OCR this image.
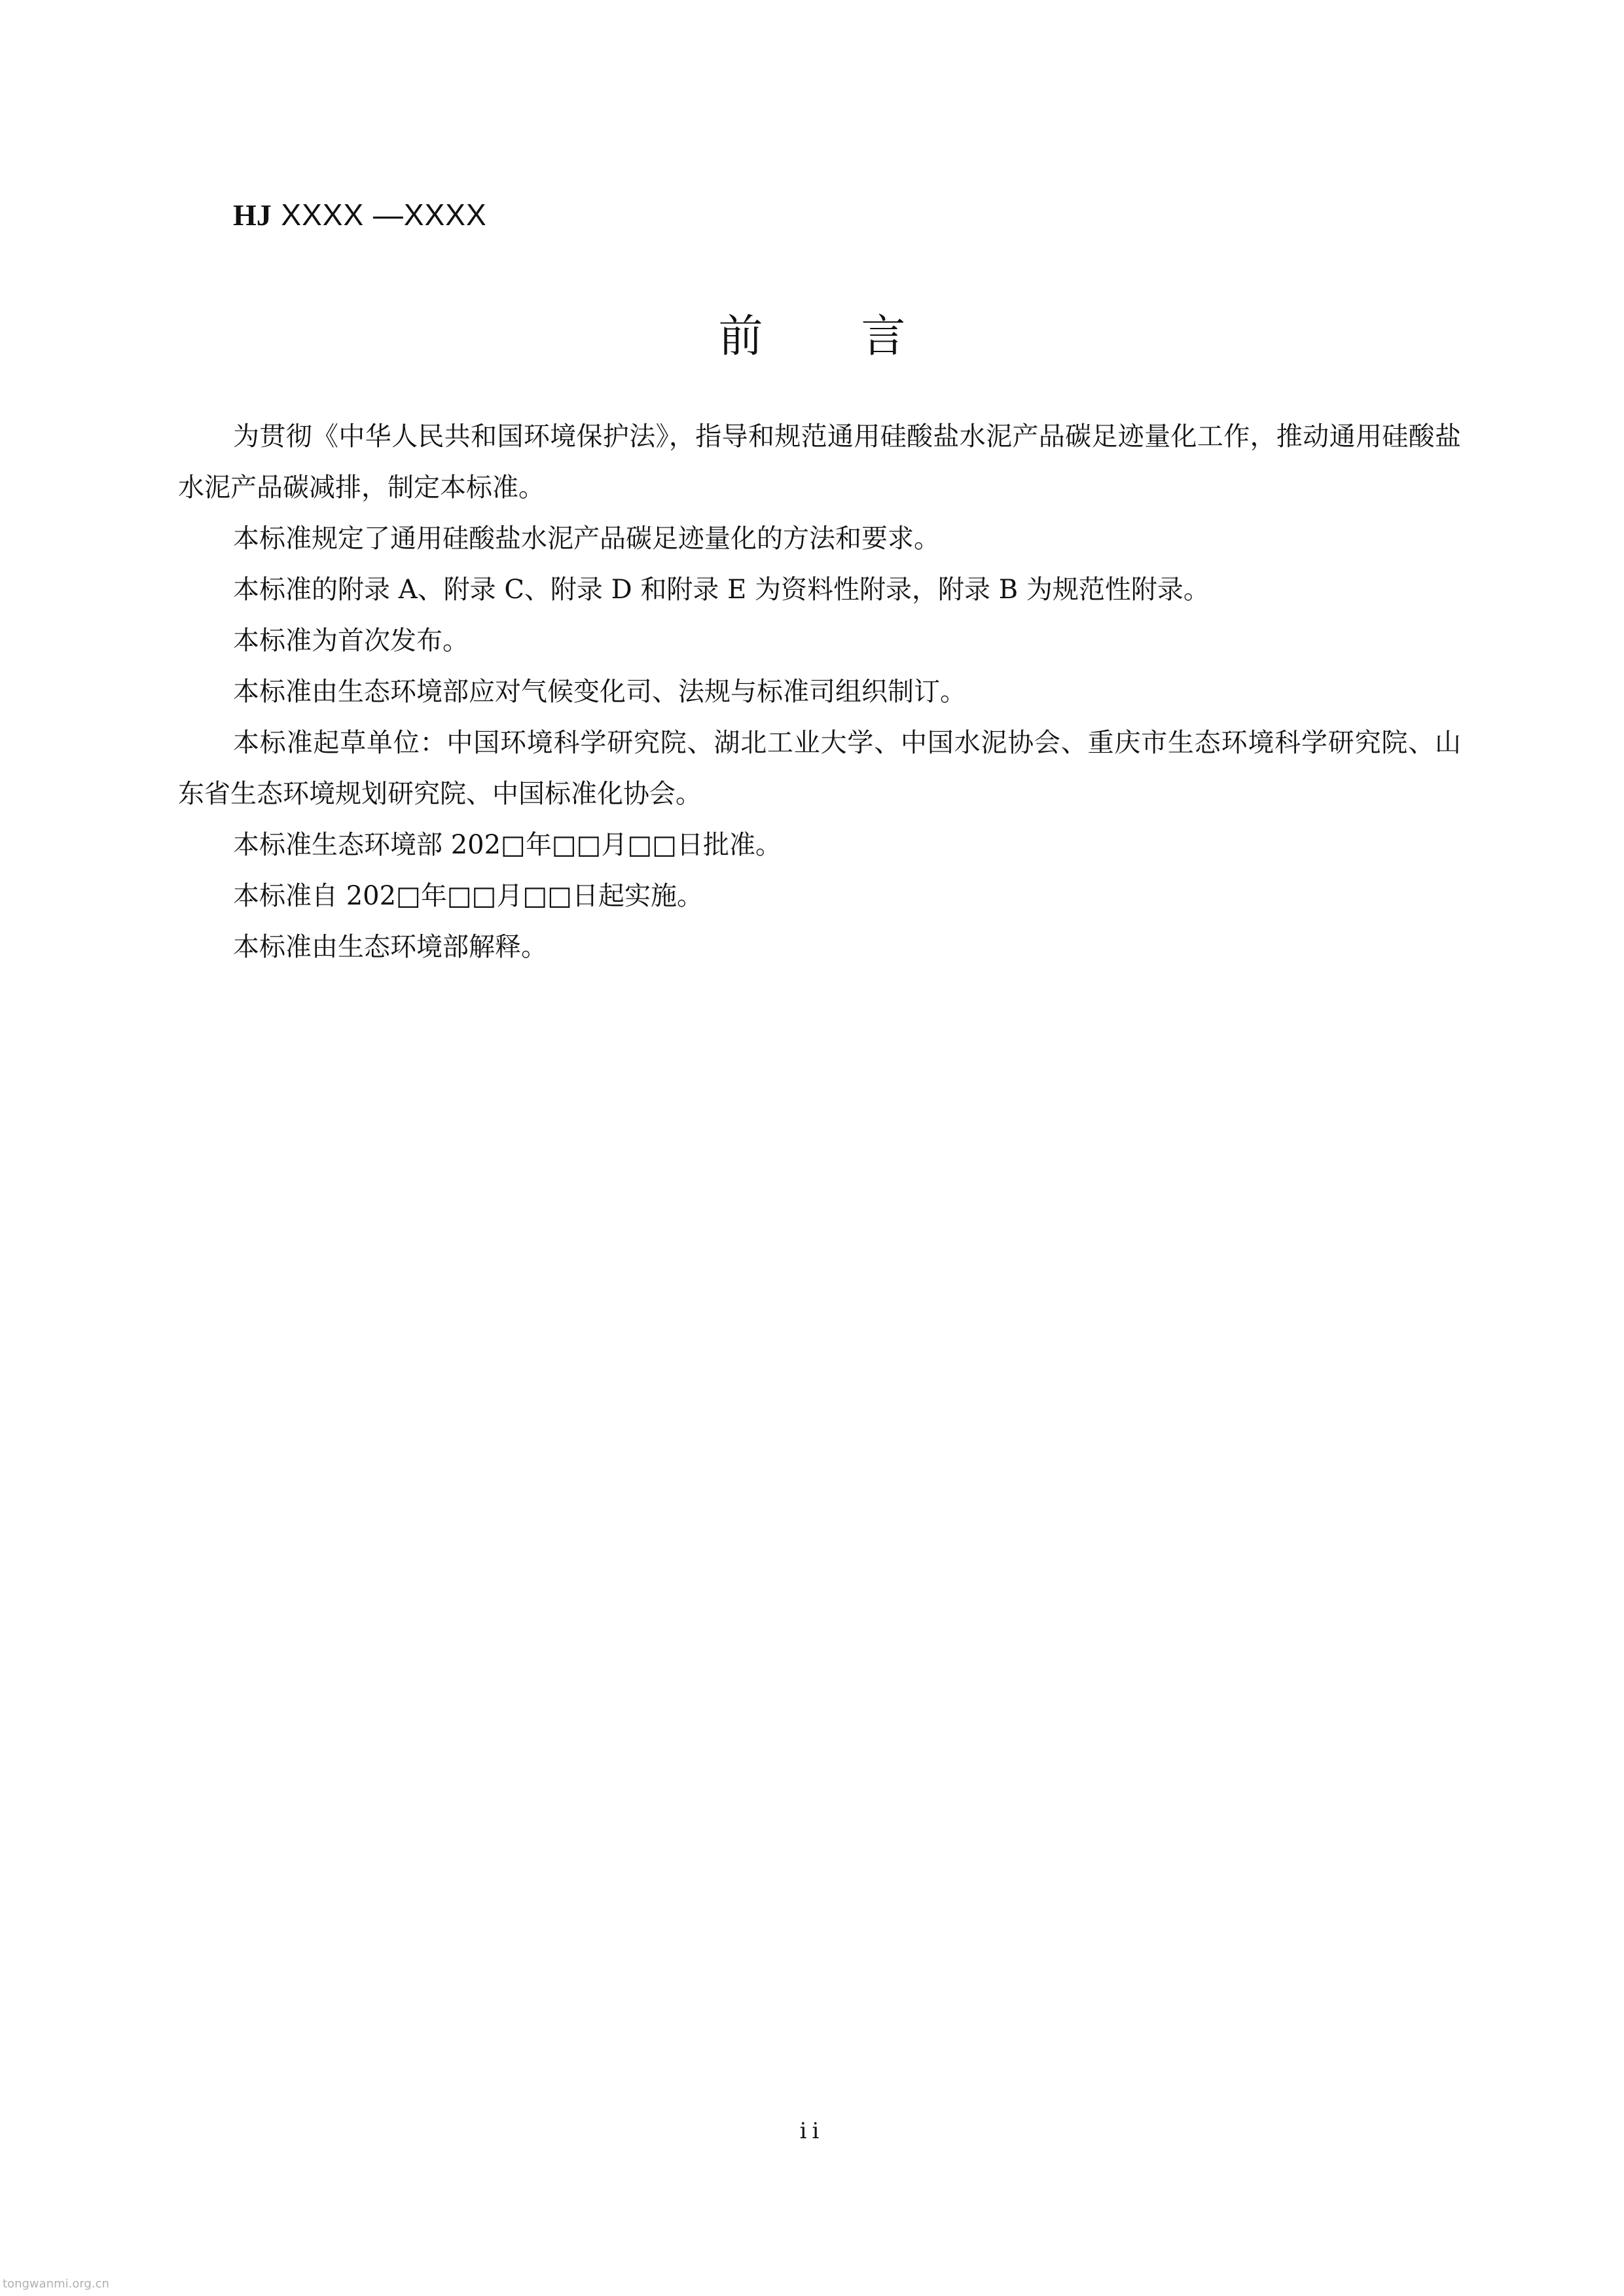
HJ XXXX —XXXX
前言

为贯彻《中华人民共和国环境保护法》，指导和规范通用硅酸盐水泥产品碳足迹量化工作，推动通用硅酸盐水泥产品碳减排，制定本标准。

本标准规定了通用硅酸盐水泥产品碳足迹量化的方法和要求。

本标准的附录 A、附录 C、附录 D 和附录 E 为资料性附录，附录 B 为规范性附录。

本标准为首次发布。

本标准由生态环境部应对气候变化司、法规与标准司组织制订。

本标准起草单位：中国环境科学研究院、湖北工业大学、中国水泥协会、重庆市生态环境科学研究院、山东省生态环境规划研究院、中国标准化协会。

本标准生态环境部 202□年□□月□□日批准。

本标准自 202□年□□月□□日起实施。

本标准由生态环境部解释。

ii
tongwanmi.org.cn
